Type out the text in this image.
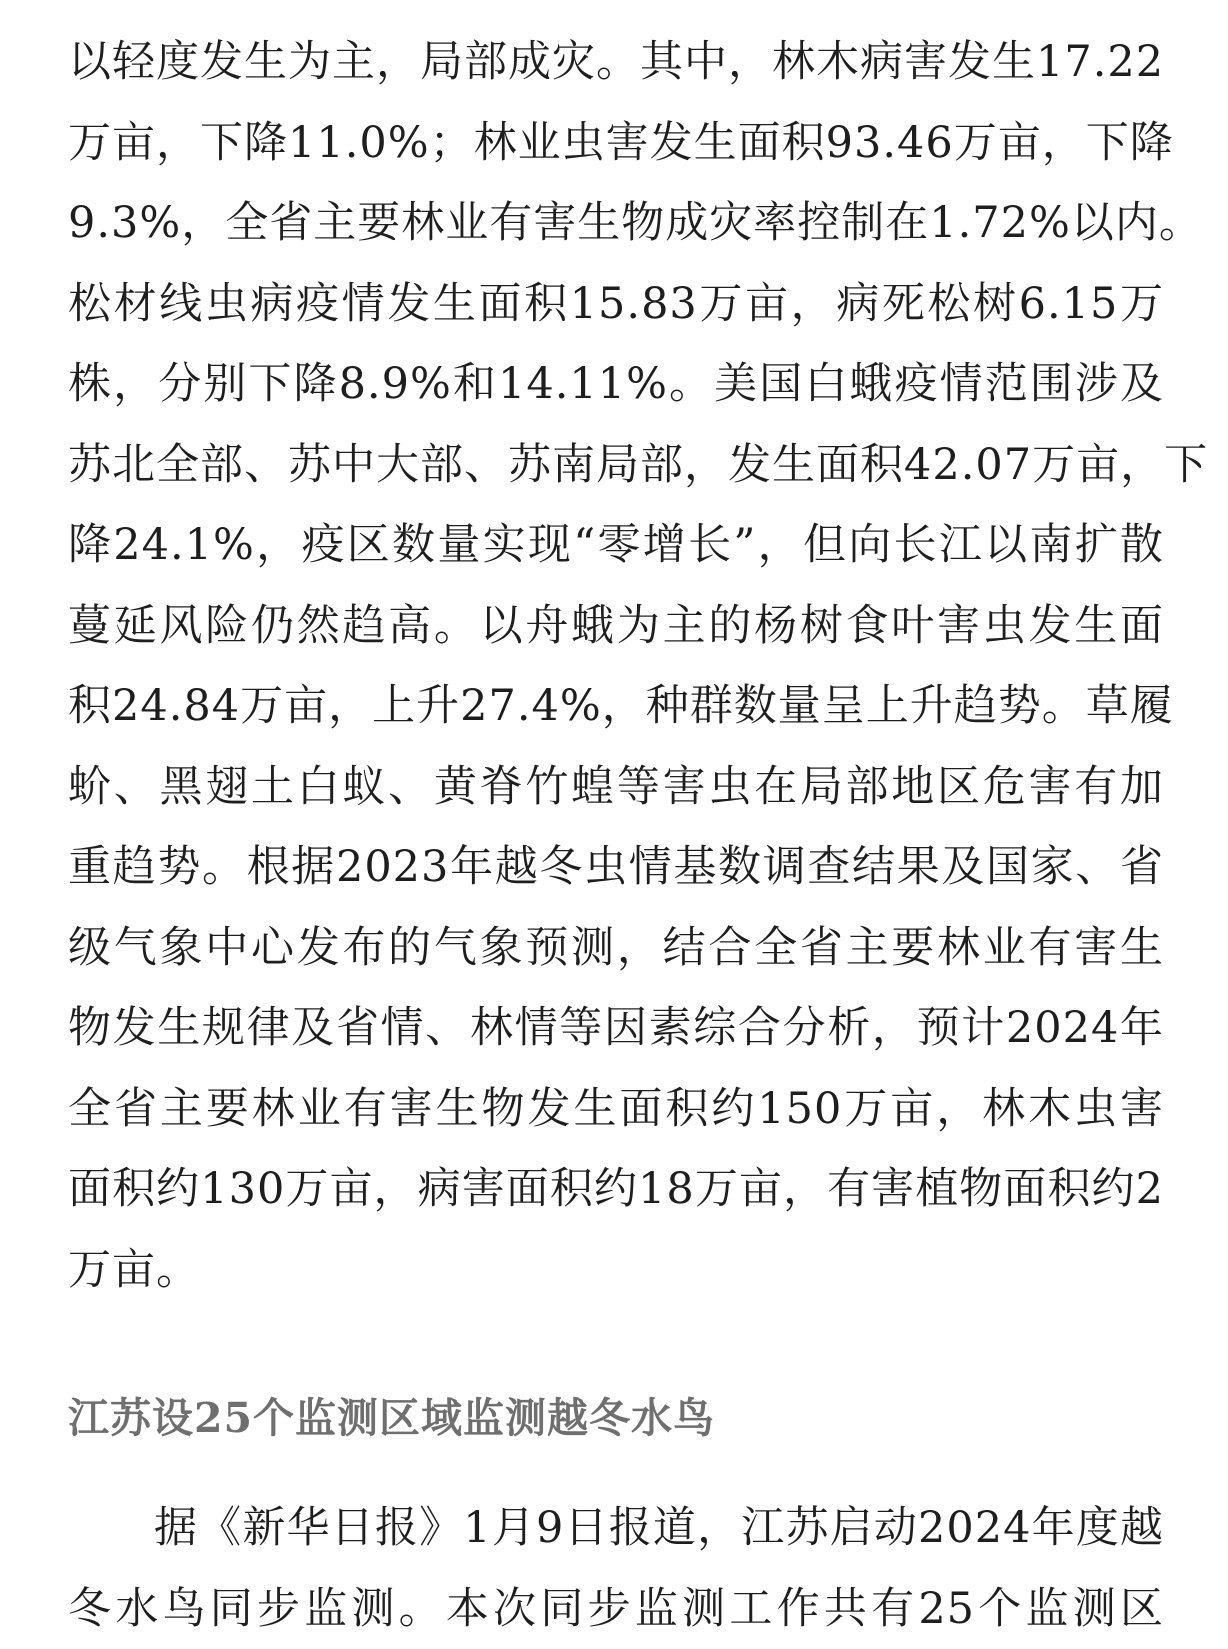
以轻度发生为主，局部成灾。其中，林木病害发生17.22
万亩，下降11.0%；林业虫害发生面积93.46万亩，下降
9.3%，全省主要林业有害生物成灾率控制在1.72%以内。
松材线虫病疫情发生面积15.83万亩，病死松树6.15万
株，分别下降8.9%和14.11%。美国白蛾疫情范围涉及
苏北全部、苏中大部、苏南局部，发生面积42.07万亩，下
降24.1%，疫区数量实现“零增长”，但向长江以南扩散
蔓延风险仍然趋高。以舟蛾为主的杨树食叶害虫发生面
积24.84万亩，上升27.4%，种群数量呈上升趋势。草履
蚧、黑翅土白蚁、黄脊竹蝗等害虫在局部地区危害有加
重趋势。根据2023年越冬虫情基数调查结果及国家、省
级气象中心发布的气象预测，结合全省主要林业有害生
物发生规律及省情、林情等因素综合分析，预计2024年
全省主要林业有害生物发生面积约150万亩，林木虫害
面积约130万亩，病害面积约18万亩，有害植物面积约2
万亩。
江苏设25个监测区域监测越冬水鸟
据《新华日报》1月9日报道，江苏启动2024年度越
冬水鸟同步监测。本次同步监测工作共有25个监测区
